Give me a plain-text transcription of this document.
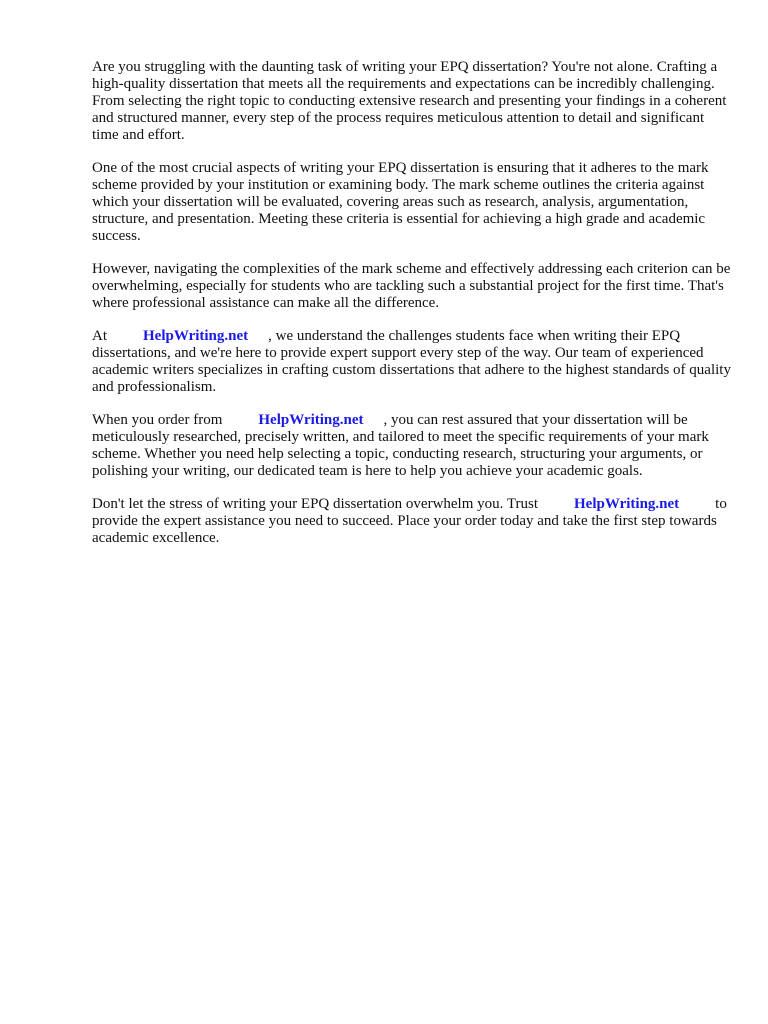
Are you struggling with the daunting task of writing your EPQ dissertation? You're not alone. Crafting a high-quality dissertation that meets all the requirements and expectations can be incredibly challenging. From selecting the right topic to conducting extensive research and presenting your findings in a coherent and structured manner, every step of the process requires meticulous attention to detail and significant time and effort.

One of the most crucial aspects of writing your EPQ dissertation is ensuring that it adheres to the mark scheme provided by your institution or examining body. The mark scheme outlines the criteria against which your dissertation will be evaluated, covering areas such as research, analysis, argumentation, structure, and presentation. Meeting these criteria is essential for achieving a high grade and academic success.

However, navigating the complexities of the mark scheme and effectively addressing each criterion can be overwhelming, especially for students who are tackling such a substantial project for the first time. That's where professional assistance can make all the difference.

At HelpWriting.net , we understand the challenges students face when writing their EPQ dissertations, and we're here to provide expert support every step of the way. Our team of experienced academic writers specializes in crafting custom dissertations that adhere to the highest standards of quality and professionalism.

When you order from HelpWriting.net , you can rest assured that your dissertation will be meticulously researched, precisely written, and tailored to meet the specific requirements of your mark scheme. Whether you need help selecting a topic, conducting research, structuring your arguments, or polishing your writing, our dedicated team is here to help you achieve your academic goals.

Don't let the stress of writing your EPQ dissertation overwhelm you. Trust HelpWriting.net to provide the expert assistance you need to succeed. Place your order today and take the first step towards academic excellence.
